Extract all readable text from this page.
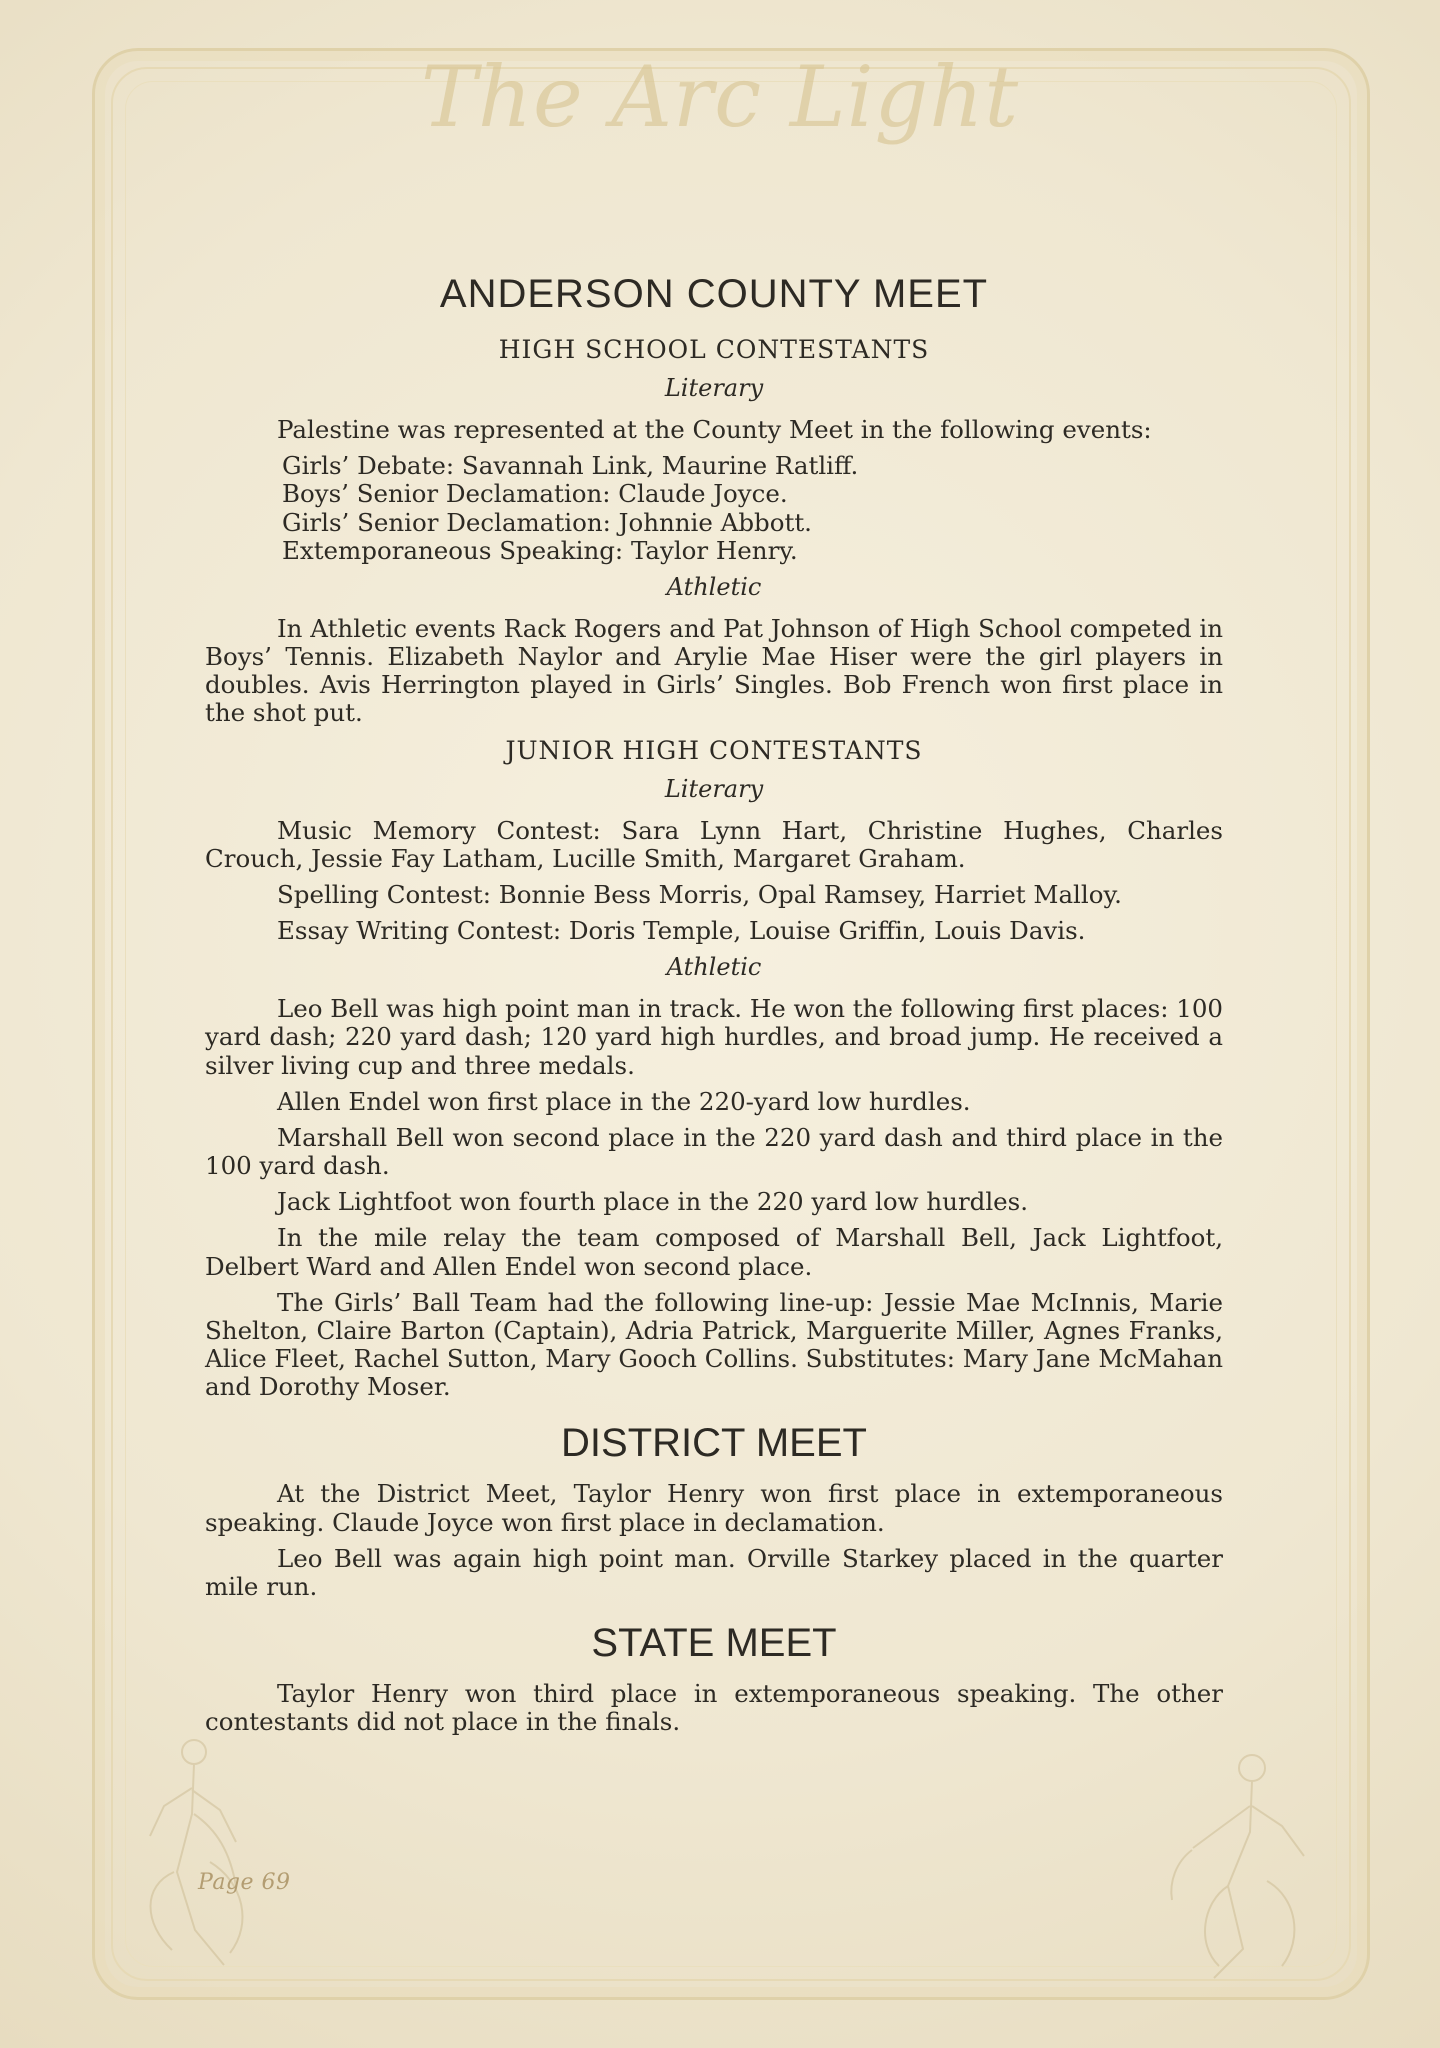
The Arc Light
ANDERSON COUNTY MEET
HIGH SCHOOL CONTESTANTS
Literary

Palestine was represented at the County Meet in the following events:

Girls’ Debate: Savannah Link, Maurine Ratliff.

Boys’ Senior Declamation: Claude Joyce.

Girls’ Senior Declamation: Johnnie Abbott.

Extemporaneous Speaking: Taylor Henry.

Athletic

In Athletic events Rack Rogers and Pat Johnson of High School competed in Boys’ Tennis. Elizabeth Naylor and Arylie Mae Hiser were the girl players in doubles. Avis Herrington played in Girls’ Singles. Bob French won first place in the shot put.

JUNIOR HIGH CONTESTANTS
Literary

Music Memory Contest: Sara Lynn Hart, Christine Hughes, Charles Crouch, Jessie Fay Latham, Lucille Smith, Margaret Graham.

Spelling Contest: Bonnie Bess Morris, Opal Ramsey, Harriet Malloy.

Essay Writing Contest: Doris Temple, Louise Griffin, Louis Davis.

Athletic

Leo Bell was high point man in track. He won the following first places: 100 yard dash; 220 yard dash; 120 yard high hurdles, and broad jump. He received a silver living cup and three medals.

Allen Endel won first place in the 220-yard low hurdles.

Marshall Bell won second place in the 220 yard dash and third place in the 100 yard dash.

Jack Lightfoot won fourth place in the 220 yard low hurdles.

In the mile relay the team composed of Marshall Bell, Jack Lightfoot, Delbert Ward and Allen Endel won second place.

The Girls’ Ball Team had the following line-up: Jessie Mae McInnis, Marie Shelton, Claire Barton (Captain), Adria Patrick, Marguerite Miller, Agnes Franks, Alice Fleet, Rachel Sutton, Mary Gooch Collins. Substitutes: Mary Jane McMahan and Dorothy Moser.

DISTRICT MEET

At the District Meet, Taylor Henry won first place in extemporaneous speaking. Claude Joyce won first place in declamation.

Leo Bell was again high point man. Orville Starkey placed in the quarter mile run.

STATE MEET

Taylor Henry won third place in extemporaneous speaking. The other contestants did not place in the finals.

Page 69
